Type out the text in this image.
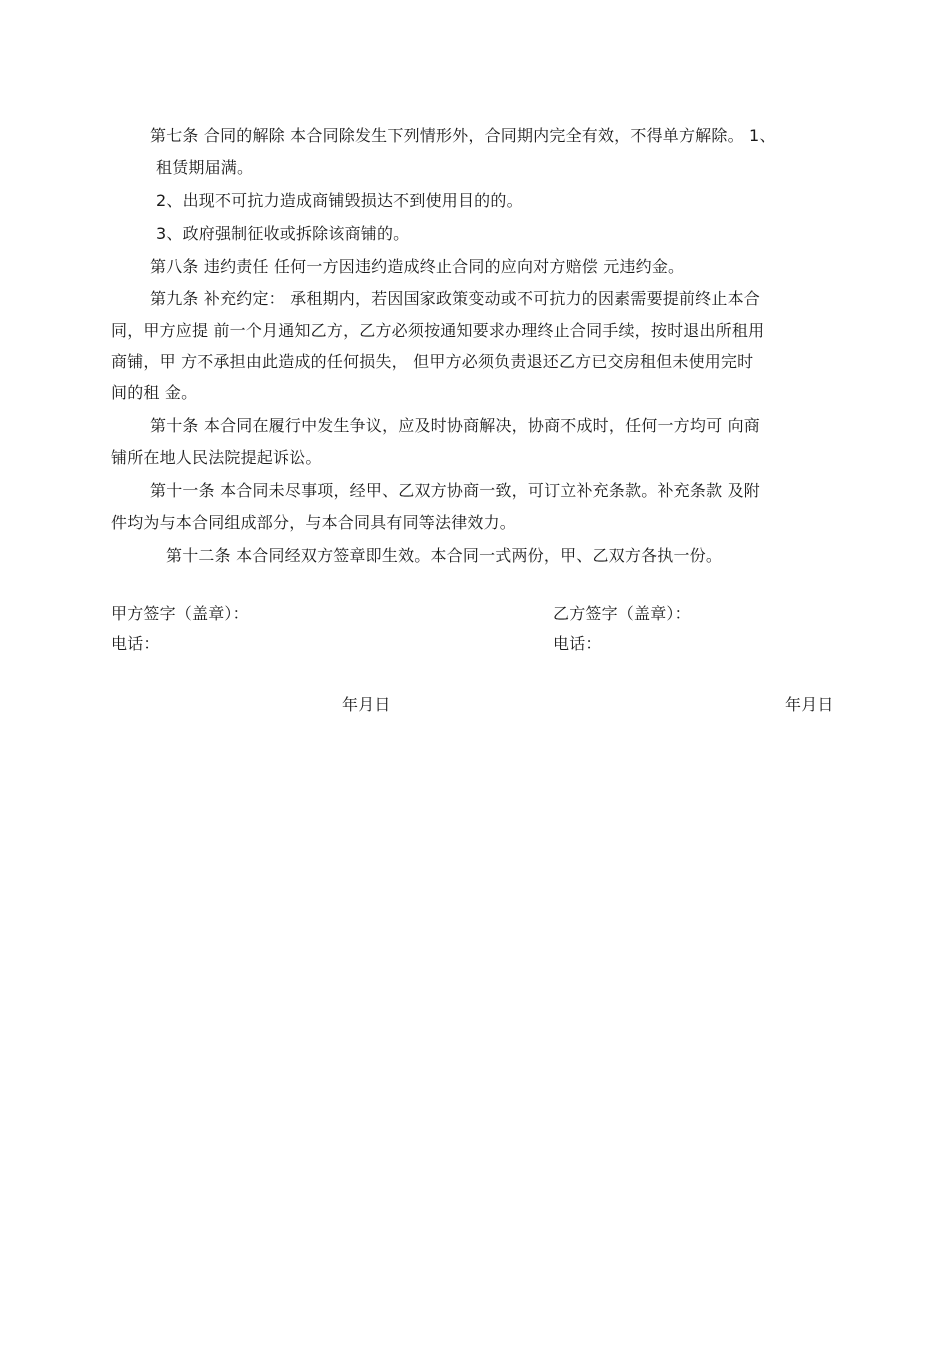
第七条 合同的解除 本合同除发生下列情形外，合同期内完全有效，不得单方解除。 1、
租赁期届满。
2、出现不可抗力造成商铺毁损达不到使用目的的。
3、政府强制征收或拆除该商铺的。
第八条 违约责任 任何一方因违约造成终止合同的应向对方赔偿 元违约金。
第九条 补充约定： 承租期内，若因国家政策变动或不可抗力的因素需要提前终止本合
同，甲方应提 前一个月通知乙方，乙方必须按通知要求办理终止合同手续，按时退出所租用
商铺，甲 方不承担由此造成的任何损失， 但甲方必须负责退还乙方已交房租但未使用完时
间的租 金。
第十条 本合同在履行中发生争议，应及时协商解决，协商不成时，任何一方均可 向商
铺所在地人民法院提起诉讼。
第十一条 本合同未尽事项，经甲、乙双方协商一致，可订立补充条款。补充条款 及附
件均为与本合同组成部分，与本合同具有同等法律效力。
第十二条 本合同经双方签章即生效。本合同一式两份，甲、乙双方各执一份。
甲方签字（盖章）：
电话：
年月日
乙方签字（盖章）：
电话：
年月日
